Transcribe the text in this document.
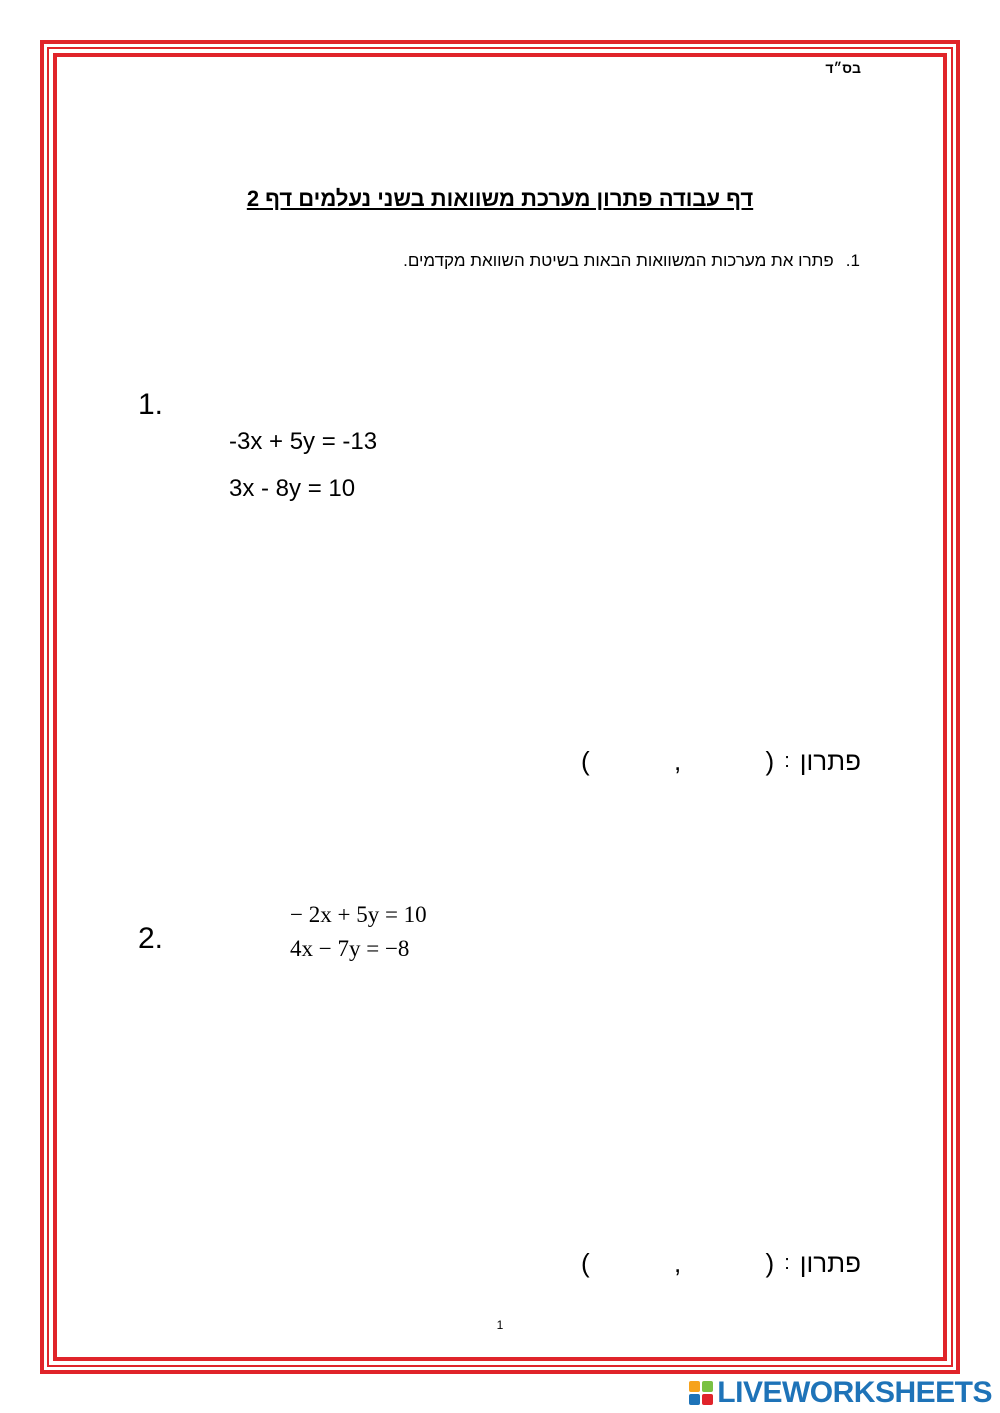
בס״ד
דף עבודה פתרון מערכת משוואות בשני נעלמים דף 2
1.
פתרו את מערכות המשוואות הבאות בשיטת השוואת מקדמים.
1.
-3x + 5y = -13
3x - 8y = 10
פתרון
:
(
,
)
2.
− 2x + 5y = 10
4x − 7y = −8
פתרון
:
(
,
)
1
LIVEWORKSHEETS
